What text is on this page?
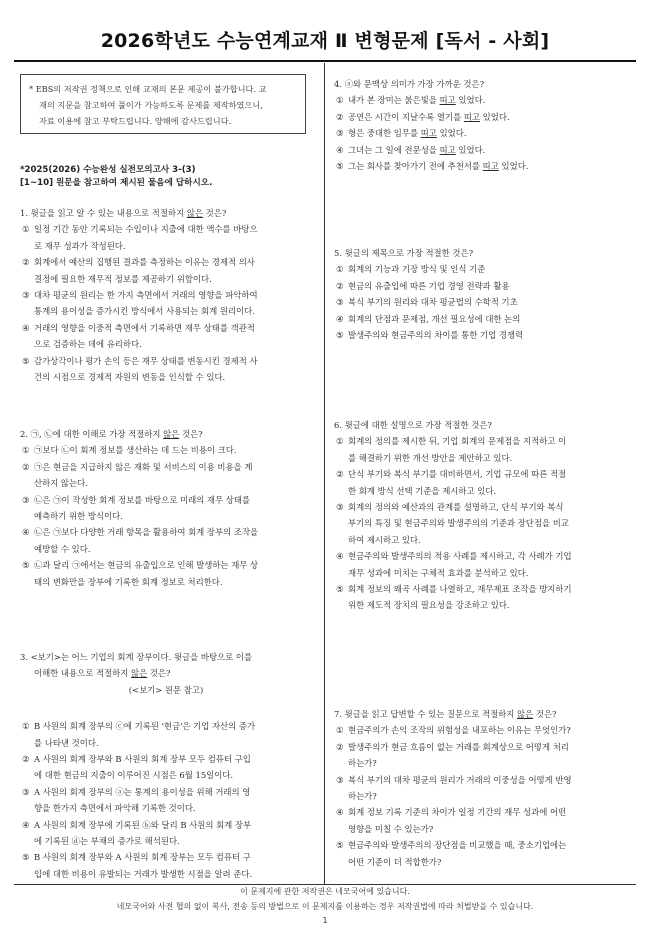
2026학년도 수능연계교재 Ⅱ 변형문제 [독서 - 사회]
* EBS의 저작권 정책으로 인해 교재의 본문 제공이 불가합니다. 교
재의 지문을 참고하여 풀이가 가능하도록 문제를 제작하였으니,
자료 이용에 참고 부탁드립니다. 양해에 감사드립니다.
*2025(2026) 수능완성 실전모의고사 3-(3)
[1~10] 원문을 참고하여 제시된 물음에 답하시오.
1. 윗글을 읽고 알 수 있는 내용으로 적절하지 않은 것은?
① 일정 기간 동안 기록되는 수입이나 지출에 대한 액수를 바탕으
로 재무 성과가 작성된다.
② 회계에서 예산의 집행된 결과를 측정하는 이유는 경제적 의사
결정에 필요한 재무적 정보를 제공하기 위함이다.
③ 대차 평균의 원리는 한 가지 측면에서 거래의 영향을 파악하여
통계의 용이성을 증가시킨 방식에서 사용되는 회계 원리이다.
④ 거래의 영향을 이중적 측면에서 기록하면 재무 상태를 객관적
으로 검증하는 데에 유리하다.
⑤ 감가상각이나 평가 손익 등은 재무 상태를 변동시킨 경제적 사
건의 시점으로 경제적 자원의 변동을 인식할 수 있다.
2. ㉠, ㉡에 대한 이해로 가장 적절하지 않은 것은?
① ㉠보다 ㉡이 회계 정보를 생산하는 데 드는 비용이 크다.
② ㉠은 현금을 지급하지 않은 재화 및 서비스의 이용 비용을 계
산하지 않는다.
③ ㉡은 ㉠이 작성한 회계 정보를 바탕으로 미래의 재무 상태를
예측하기 위한 방식이다.
④ ㉡은 ㉠보다 다양한 거래 항목을 활용하여 회계 장부의 조작을
예방할 수 있다.
⑤ ㉡과 달리 ㉠에서는 현금의 유출입으로 인해 발생하는 재무 상
태의 변화만을 장부에 기록한 회계 정보로 처리한다.
3. <보기>는 어느 기업의 회계 장부이다. 윗글을 바탕으로 이를
이해한 내용으로 적절하지 않은 것은?
(<보기> 원문 참고)
① B 사원의 회계 장부의 ⓒ에 기록된 '현금'은 기업 자산의 증가
를 나타낸 것이다.
② A 사원의 회계 장부와 B 사원의 회계 장부 모두 컴퓨터 구입
에 대한 현금의 지출이 이루어진 시점은 6월 15일이다.
③ A 사원의 회계 장부의 ⓐ는 통계의 용이성을 위해 거래의 영
향을 한가지 측면에서 파악해 기록한 것이다.
④ A 사원의 회계 장부에 기록된 ⓑ와 달리 B 사원의 회계 장부
에 기록된 ⓓ는 부채의 증가로 해석된다.
⑤ B 사원의 회계 장부와 A 사원의 회계 장부는 모두 컴퓨터 구
입에 대한 비용이 유발되는 거래가 발생한 시점을 알려 준다.
4. ⓐ와 문맥상 의미가 가장 가까운 것은?
① 내가 본 장미는 붉은빛을 띠고 있었다.
② 공연은 시간이 지날수록 열기를 띠고 있었다.
③ 형은 중대한 임무를 띠고 있었다.
④ 그녀는 그 일에 전문성을 띠고 있었다.
⑤ 그는 회사를 찾아가기 전에 추천서를 띠고 있었다.
5. 윗글의 제목으로 가장 적절한 것은?
① 회계의 기능과 기장 방식 및 인식 기준
② 현금의 유출입에 따른 기업 경영 전략과 활용
③ 복식 부기의 원리와 대차 평균법의 수학적 기초
④ 회계의 단점과 문제점, 개선 필요성에 대한 논의
⑤ 발생주의와 현금주의의 차이를 통한 기업 경쟁력
6. 윗글에 대한 설명으로 가장 적절한 것은?
① 회계의 정의를 제시한 뒤, 기업 회계의 문제점을 지적하고 이
를 해결하기 위한 개선 방안을 제안하고 있다.
② 단식 부기와 복식 부기를 대비하면서, 기업 규모에 따른 적절
한 회계 방식 선택 기준을 제시하고 있다.
③ 회계의 정의와 예산과의 관계를 설명하고, 단식 부기와 복식
부기의 특징 및 현금주의와 발생주의의 기준과 장단점을 비교
하여 제시하고 있다.
④ 현금주의와 발생주의의 적용 사례를 제시하고, 각 사례가 기업
재무 성과에 미치는 구체적 효과를 분석하고 있다.
⑤ 회계 정보의 왜곡 사례를 나열하고, 재무제표 조작을 방지하기
위한 제도적 장치의 필요성을 강조하고 있다.
7. 윗글을 읽고 답변할 수 있는 질문으로 적절하지 않은 것은?
① 현금주의가 손익 조작의 위험성을 내포하는 이유는 무엇인가?
② 발생주의가 현금 흐름이 없는 거래를 회계상으로 어떻게 처리
하는가?
③ 복식 부기의 대차 평균의 원리가 거래의 이중성을 어떻게 반영
하는가?
④ 회계 정보 기록 기준의 차이가 일정 기간의 재무 성과에 어떤
영향을 미칠 수 있는가?
⑤ 현금주의와 발생주의의 장단점을 비교했을 때, 중소기업에는
어떤 기준이 더 적합한가?
이 문제지에 관한 저작권은 네모국어에 있습니다.
네모국어와 사전 협의 없이 복사, 전송 등의 방법으로 이 문제지를 이용하는 경우 저작권법에 따라 처벌받을 수 있습니다.
1
